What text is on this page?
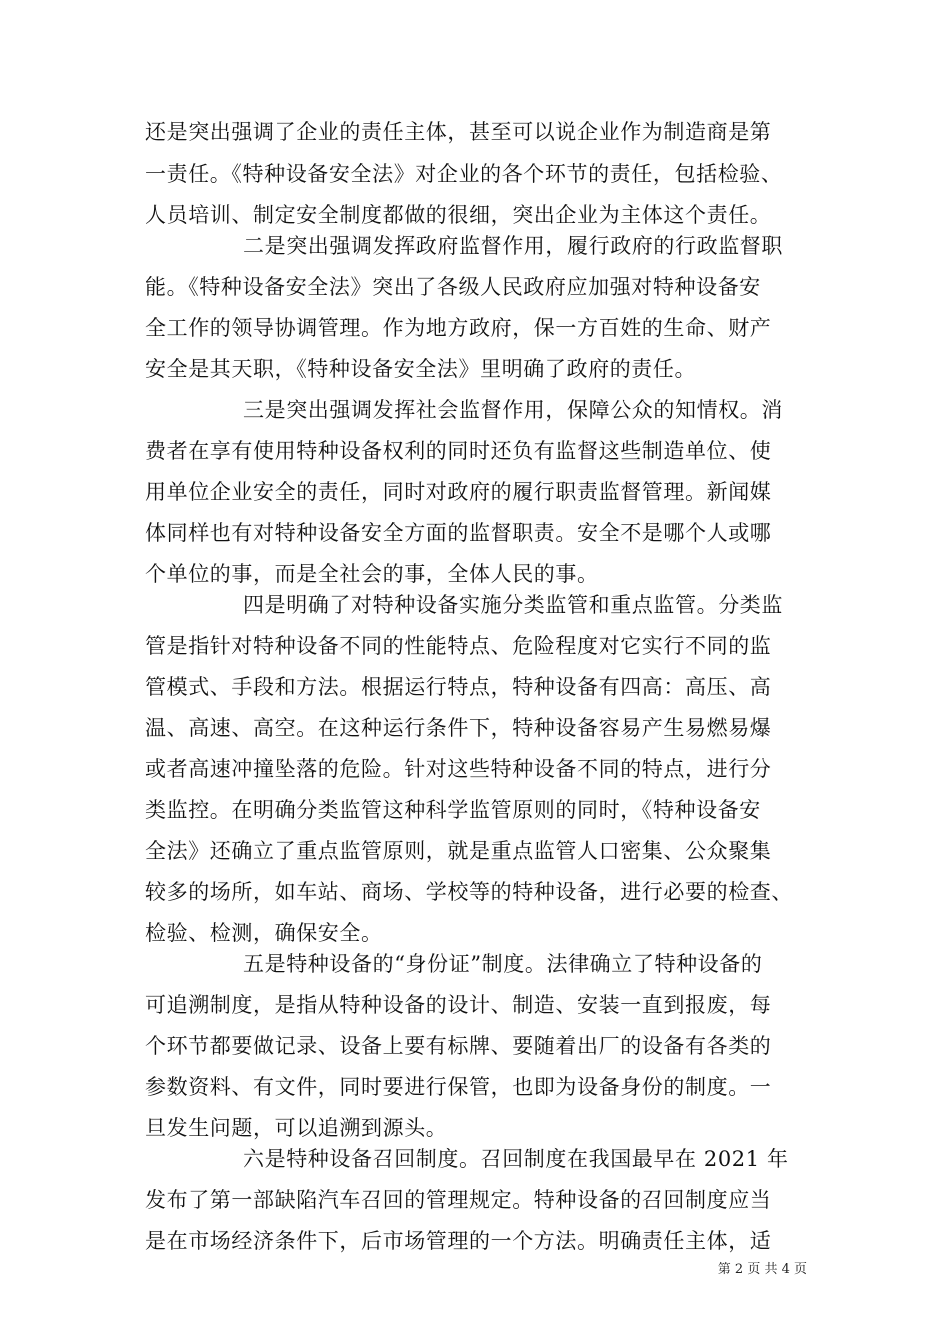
还是突出强调了企业的责任主体，甚至可以说企业作为制造商是第
一责任。《特种设备安全法》对企业的各个环节的责任，包括检验、
人员培训、制定安全制度都做的很细，突出企业为主体这个责任。
二是突出强调发挥政府监督作用，履行政府的行政监督职
能。《特种设备安全法》突出了各级人民政府应加强对特种设备安
全工作的领导协调管理。作为地方政府，保一方百姓的生命、财产
安全是其天职，《特种设备安全法》里明确了政府的责任。
三是突出强调发挥社会监督作用，保障公众的知情权。消
费者在享有使用特种设备权利的同时还负有监督这些制造单位、使
用单位企业安全的责任，同时对政府的履行职责监督管理。新闻媒
体同样也有对特种设备安全方面的监督职责。安全不是哪个人或哪
个单位的事，而是全社会的事，全体人民的事。
四是明确了对特种设备实施分类监管和重点监管。分类监
管是指针对特种设备不同的性能特点、危险程度对它实行不同的监
管模式、手段和方法。根据运行特点，特种设备有四高：高压、高
温、高速、高空。在这种运行条件下，特种设备容易产生易燃易爆
或者高速冲撞坠落的危险。针对这些特种设备不同的特点，进行分
类监控。在明确分类监管这种科学监管原则的同时，《特种设备安
全法》还确立了重点监管原则，就是重点监管人口密集、公众聚集
较多的场所，如车站、商场、学校等的特种设备，进行必要的检查、
检验、检测，确保安全。
五是特种设备的“身份证”制度。法律确立了特种设备的
可追溯制度，是指从特种设备的设计、制造、安装一直到报废，每
个环节都要做记录、设备上要有标牌、要随着出厂的设备有各类的
参数资料、有文件，同时要进行保管，也即为设备身份的制度。一
旦发生问题，可以追溯到源头。
六是特种设备召回制度。召回制度在我国最早在 2021 年
发布了第一部缺陷汽车召回的管理规定。特种设备的召回制度应当
是在市场经济条件下，后市场管理的一个方法。明确责任主体，适
第 2 页 共 4 页
